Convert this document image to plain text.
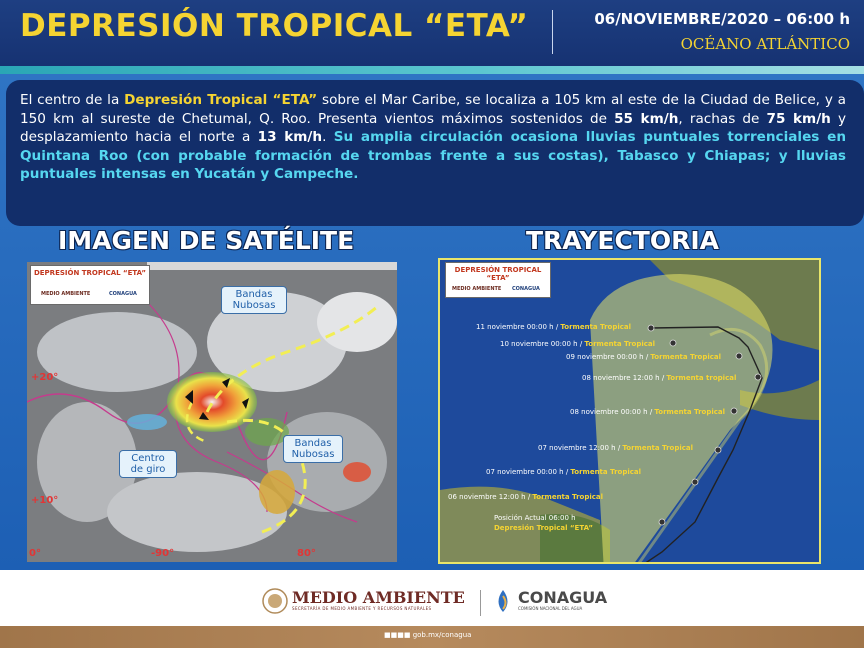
DEPRESIÓN TROPICAL “ETA”	06/NOVIEMBRE/2020 – 06:00 h
OCÉANO ATLÁNTICO
El centro de la Depresión Tropical “ETA” sobre el Mar Caribe, se localiza a 105 km al este de la Ciudad de Belice, y a 150 km al sureste de Chetumal, Q. Roo. Presenta vientos máximos sostenidos de 55 km/h, rachas de 75 km/h y desplazamiento hacia el norte a 13 km/h. Su amplia circulación ocasiona lluvias puntuales torrenciales en Quintana Roo (con probable formación de trombas frente a sus costas), Tabasco y Chiapas; y lluvias puntuales intensas en Yucatán y Campeche.
IMAGEN DE SATÉLITE	TRAYECTORIA
DEPRESIÓN TROPICAL “ETA”
MEDIO AMBIENTE	CONAGUA	Bandas Nubosas
Centro de giro
Bandas Nubosas
+20°
+10°
0°	-90°	80°
DEPRESIÓN TROPICAL “ETA”
MEDIO AMBIENTE CONAGUA
11 noviembre 00:00 h / Tormenta Tropical
10 noviembre 00:00 h / Tormenta Tropical
09 noviembre 00:00 h / Tormenta Tropical
08 noviembre 12:00 h / Tormenta tropical
08 noviembre 00:00 h / Tormenta Tropical
07 noviembre 12:00 h / Tormenta Tropical
07 noviembre 00:00 h / Tormenta Tropical
06 noviembre 12:00 h / Tormenta Tropical
Posición Actual 06:00 h
Depresión Tropical “ETA”
MEDIO AMBIENTE
SECRETARÍA DE MEDIO AMBIENTE Y RECURSOS NATURALES
CONAGUA
COMISIÓN NACIONAL DEL AGUA
■■■■ gob.mx/conagua
